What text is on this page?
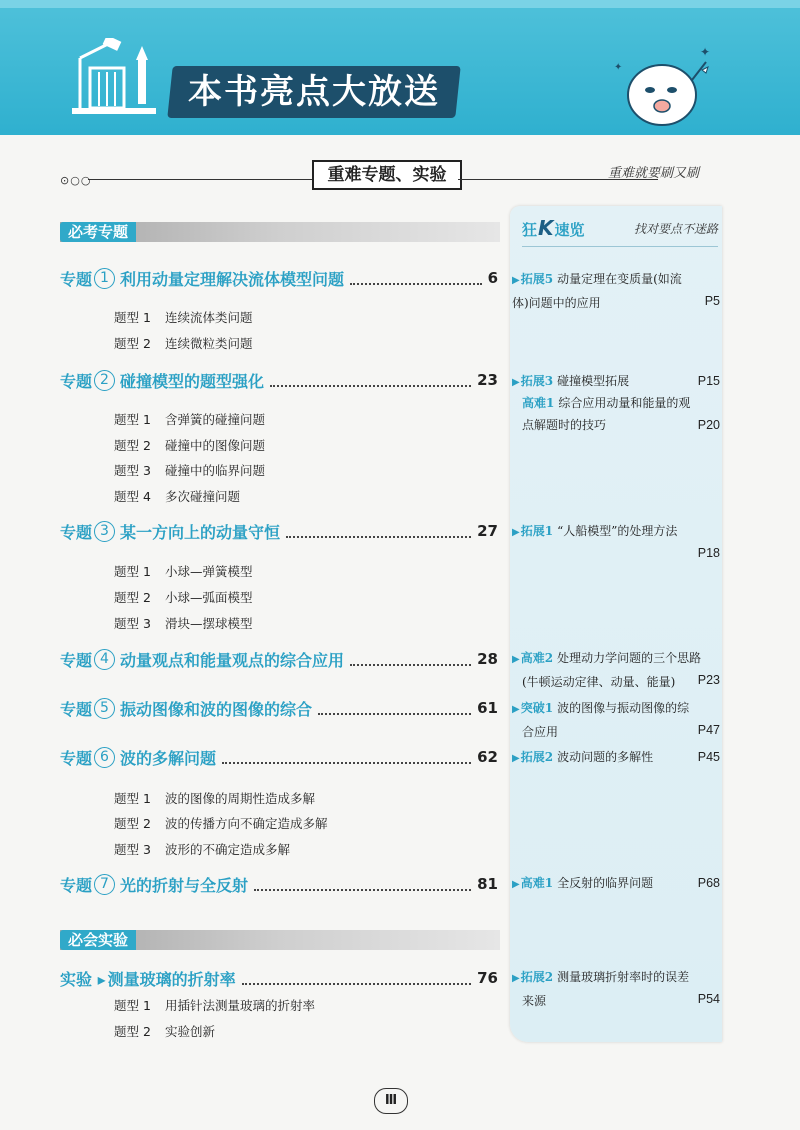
本书亮点大放送
✦
✦
⊙○○	重难专题、实验	重难就要刷又刷
必考专题
必会实验
专题 1 利用动量定理解决流体模型问题	6
题型 1 连续流体类问题
题型 2 连续微粒类问题
专题 2 碰撞模型的题型强化	23
题型 1 含弹簧的碰撞问题
题型 2 碰撞中的图像问题
题型 3 碰撞中的临界问题
题型 4 多次碰撞问题
专题 3 某一方向上的动量守恒	27
题型 1 小球—弹簧模型
题型 2 小球—弧面模型
题型 3 滑块—摆球模型
专题 4 动量观点和能量观点的综合应用	28
专题 5 振动图像和波的图像的综合	61
专题 6 波的多解问题	62
题型 1 波的图像的周期性造成多解
题型 2 波的传播方向不确定造成多解
题型 3 波形的不确定造成多解
专题 7 光的折射与全反射	81
实验 ▸ 测量玻璃的折射率	76
题型 1 用插针法测量玻璃的折射率
题型 2 实验创新
狂K速览	找对要点不迷路
▶拓展5 动量定理在变质量(如流
体)问题中的应用	P5
▶拓展3 碰撞模型拓展	P15
高难1 综合应用动量和能量的观
点解题时的技巧	P20
▶拓展1 “人船模型”的处理方法

P18
▶高难2 处理动力学问题的三个思路
(牛顿运动定律、动量、能量) P23
▶突破1 波的图像与振动图像的综
合应用	P47
▶拓展2 波动问题的多解性	P45
▶高难1 全反射的临界问题	P68
▶拓展2 测量玻璃折射率时的误差
来源	P54
Ⅲ
